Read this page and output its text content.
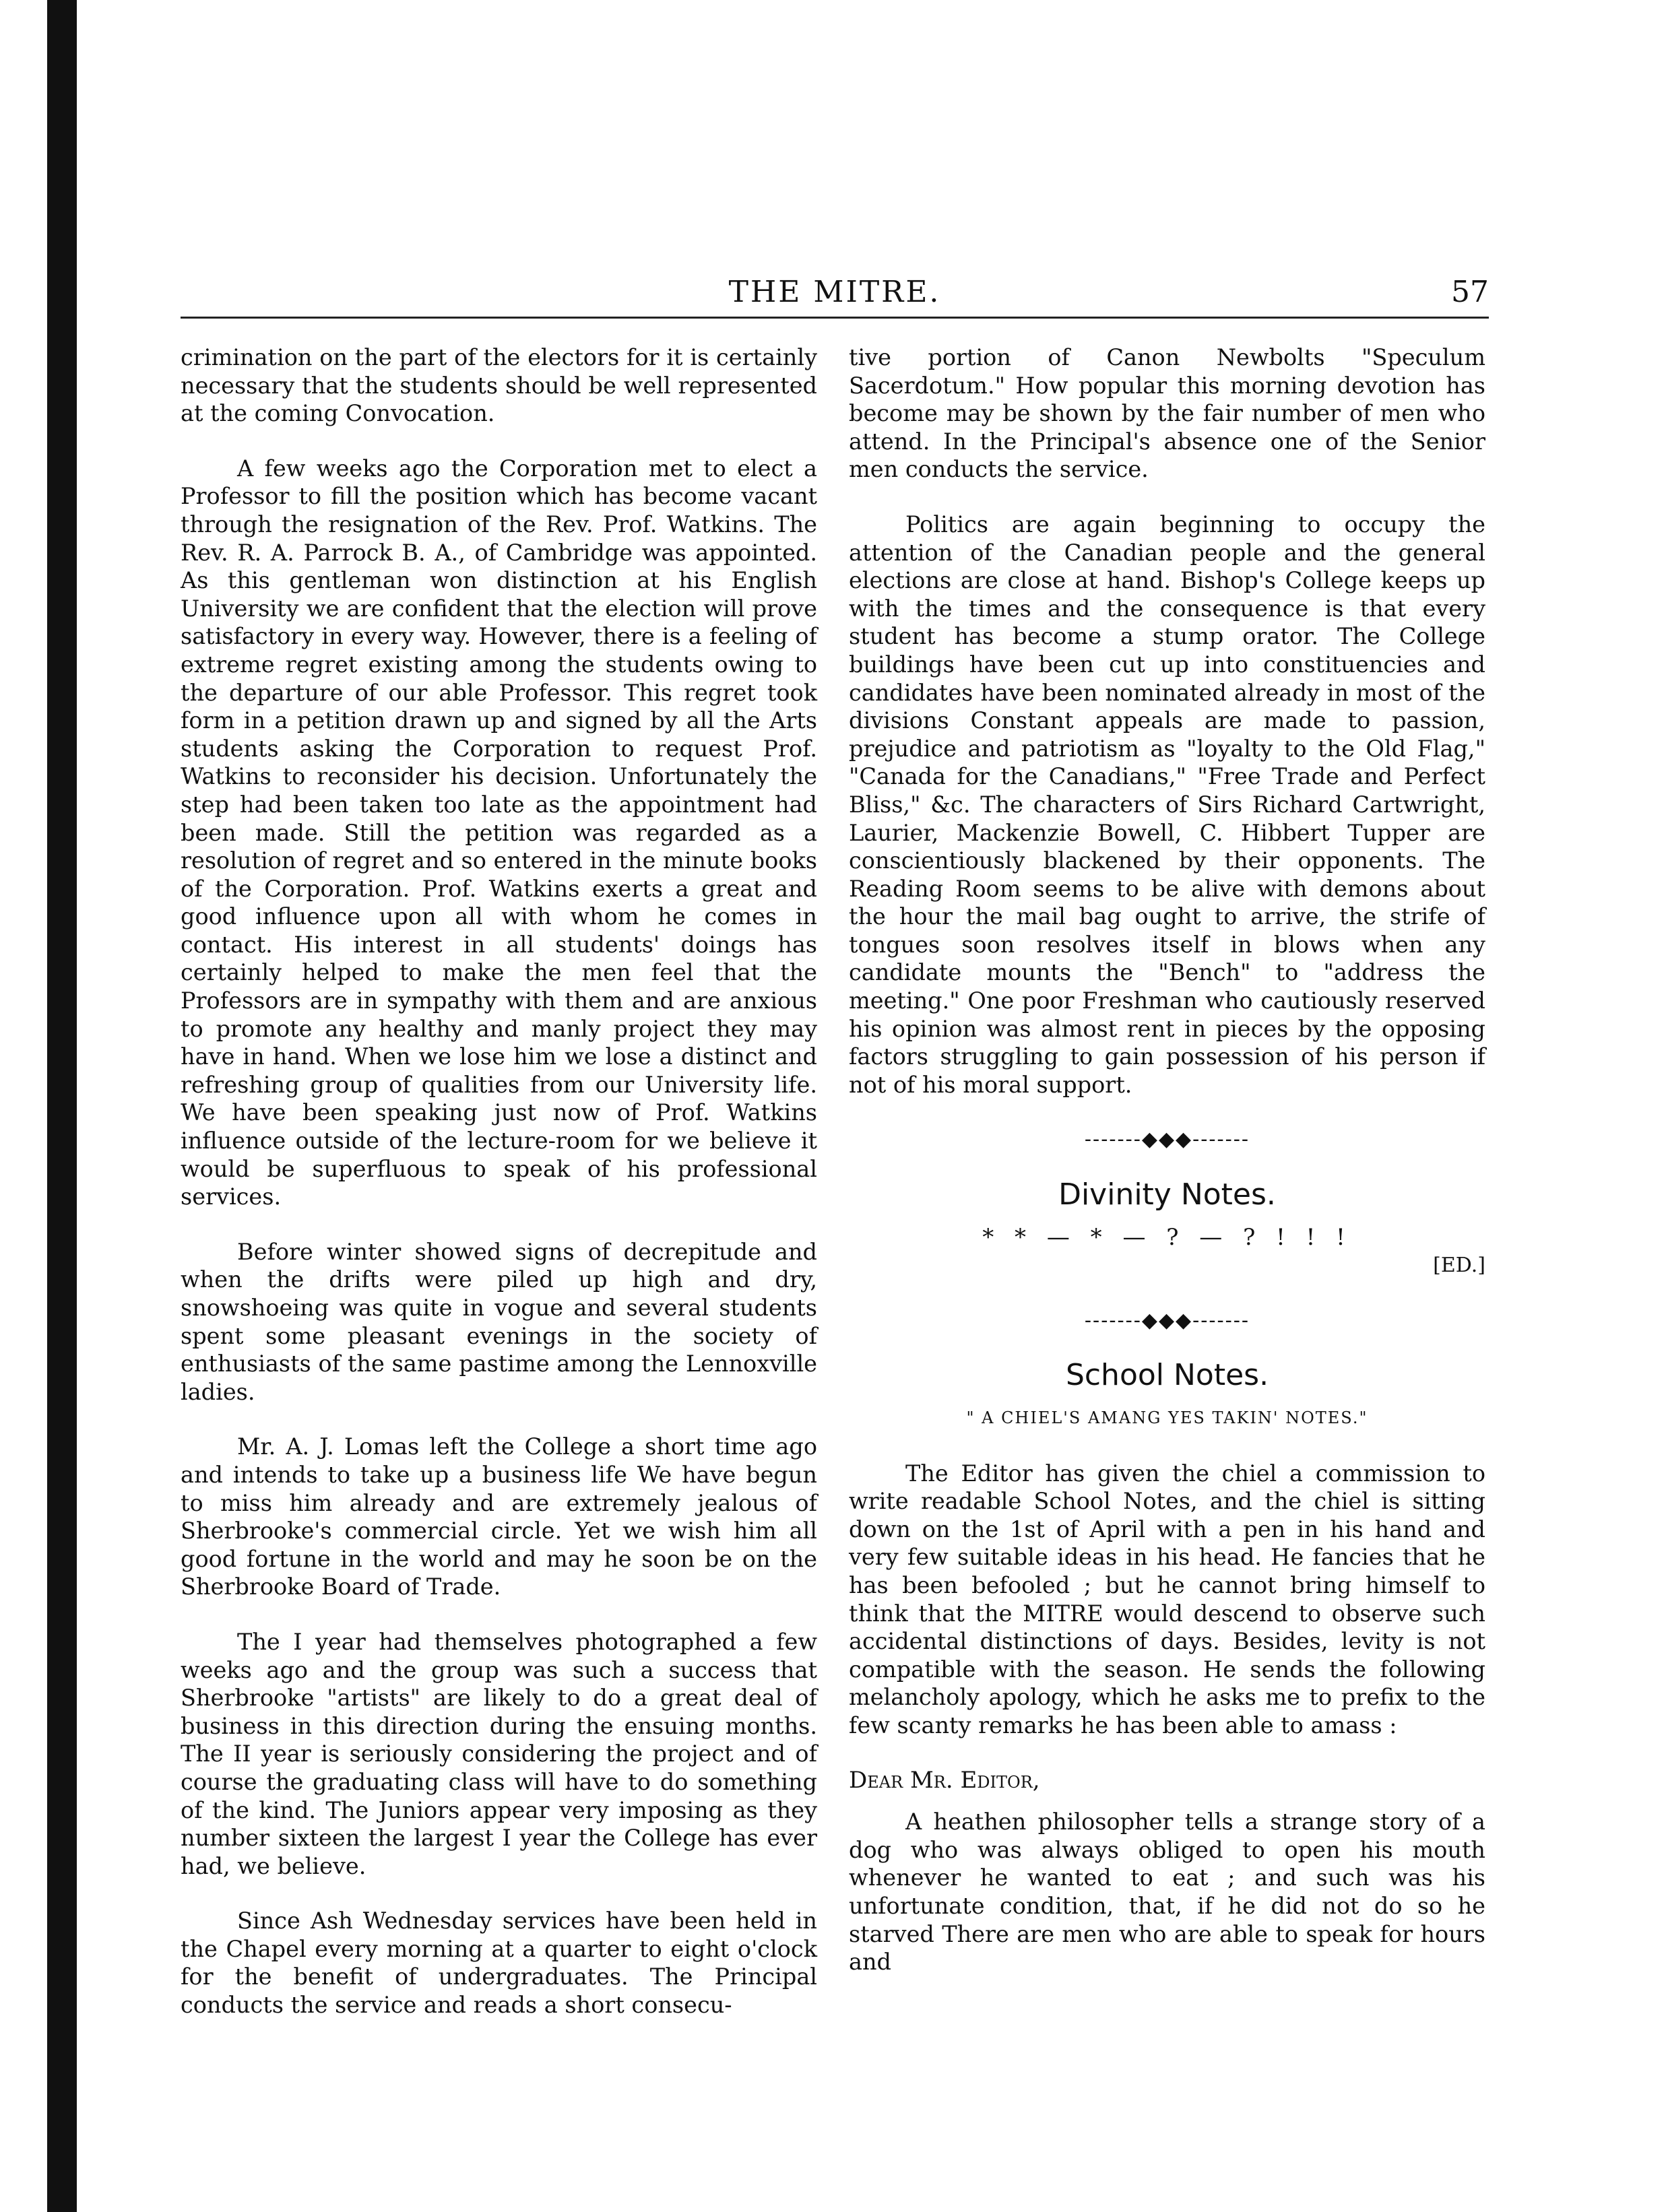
THE MITRE.	57

crimination on the part of the electors for it is certainly necessary that the students should be well represented at the coming Convocation.

A few weeks ago the Corporation met to elect a Professor to fill the position which has become vacant through the resignation of the Rev. Prof. Watkins. The Rev. R. A. Parrock B. A., of Cambridge was appointed. As this gentleman won distinction at his English University we are confident that the election will prove satisfactory in every way. However, there is a feeling of extreme regret existing among the students owing to the departure of our able Professor. This regret took form in a petition drawn up and signed by all the Arts students asking the Corporation to request Prof. Watkins to reconsider his decision. Unfortunately the step had been taken too late as the appointment had been made. Still the petition was regarded as a resolution of regret and so entered in the minute books of the Corporation. Prof. Watkins exerts a great and good influence upon all with whom he comes in contact. His interest in all students' doings has certainly helped to make the men feel that the Professors are in sympathy with them and are anxious to promote any healthy and manly project they may have in hand. When we lose him we lose a distinct and refreshing group of qualities from our University life. We have been speaking just now of Prof. Watkins influence outside of the lecture-room for we believe it would be superfluous to speak of his professional services.

Before winter showed signs of decrepitude and when the drifts were piled up high and dry, snowshoeing was quite in vogue and several students spent some pleasant evenings in the society of enthusiasts of the same pastime among the Lennoxville ladies.

Mr. A. J. Lomas left the College a short time ago and intends to take up a business life We have begun to miss him already and are extremely jealous of Sherbrooke's commercial circle. Yet we wish him all good fortune in the world and may he soon be on the Sherbrooke Board of Trade.

The I year had themselves photographed a few weeks ago and the group was such a success that Sherbrooke "artists" are likely to do a great deal of business in this direction during the ensuing months. The II year is seriously considering the project and of course the graduating class will have to do something of the kind. The Juniors appear very imposing as they number sixteen the largest I year the College has ever had, we believe.

Since Ash Wednesday services have been held in the Chapel every morning at a quarter to eight o'clock for the benefit of undergraduates. The Principal conducts the service and reads a short consecu-

tive portion of Canon Newbolts "Speculum Sacerdotum." How popular this morning devotion has become may be shown by the fair number of men who attend. In the Principal's absence one of the Senior men conducts the service.

Politics are again beginning to occupy the attention of the Canadian people and the general elections are close at hand. Bishop's College keeps up with the times and the consequence is that every student has become a stump orator. The College buildings have been cut up into constituencies and candidates have been nominated already in most of the divisions Constant appeals are made to passion, prejudice and patriotism as "loyalty to the Old Flag," "Canada for the Canadians," "Free Trade and Perfect Bliss," &c. The characters of Sirs Richard Cartwright, Laurier, Mackenzie Bowell, C. Hibbert Tupper are conscientiously blackened by their opponents. The Reading Room seems to be alive with demons about the hour the mail bag ought to arrive, the strife of tongues soon resolves itself in blows when any candidate mounts the "Bench" to "address the meeting." One poor Freshman who cautiously reserved his opinion was almost rent in pieces by the opposing factors struggling to gain possession of his person if not of his moral support.

-------◆◆◆-------
Divinity Notes.
* * — * — ? — ? ! ! !
[ED.]
-------◆◆◆-------
School Notes.
" A CHIEL'S AMANG YES TAKIN' NOTES."

The Editor has given the chiel a commission to write readable School Notes, and the chiel is sitting down on the 1st of April with a pen in his hand and very few suitable ideas in his head. He fancies that he has been befooled ; but he cannot bring himself to think that the MITRE would descend to observe such accidental distinctions of days. Besides, levity is not compatible with the season. He sends the following melancholy apology, which he asks me to prefix to the few scanty remarks he has been able to amass :

Dear Mr. Editor,

A heathen philosopher tells a strange story of a dog who was always obliged to open his mouth whenever he wanted to eat ; and such was his unfortunate condition, that, if he did not do so he starved There are men who are able to speak for hours and
